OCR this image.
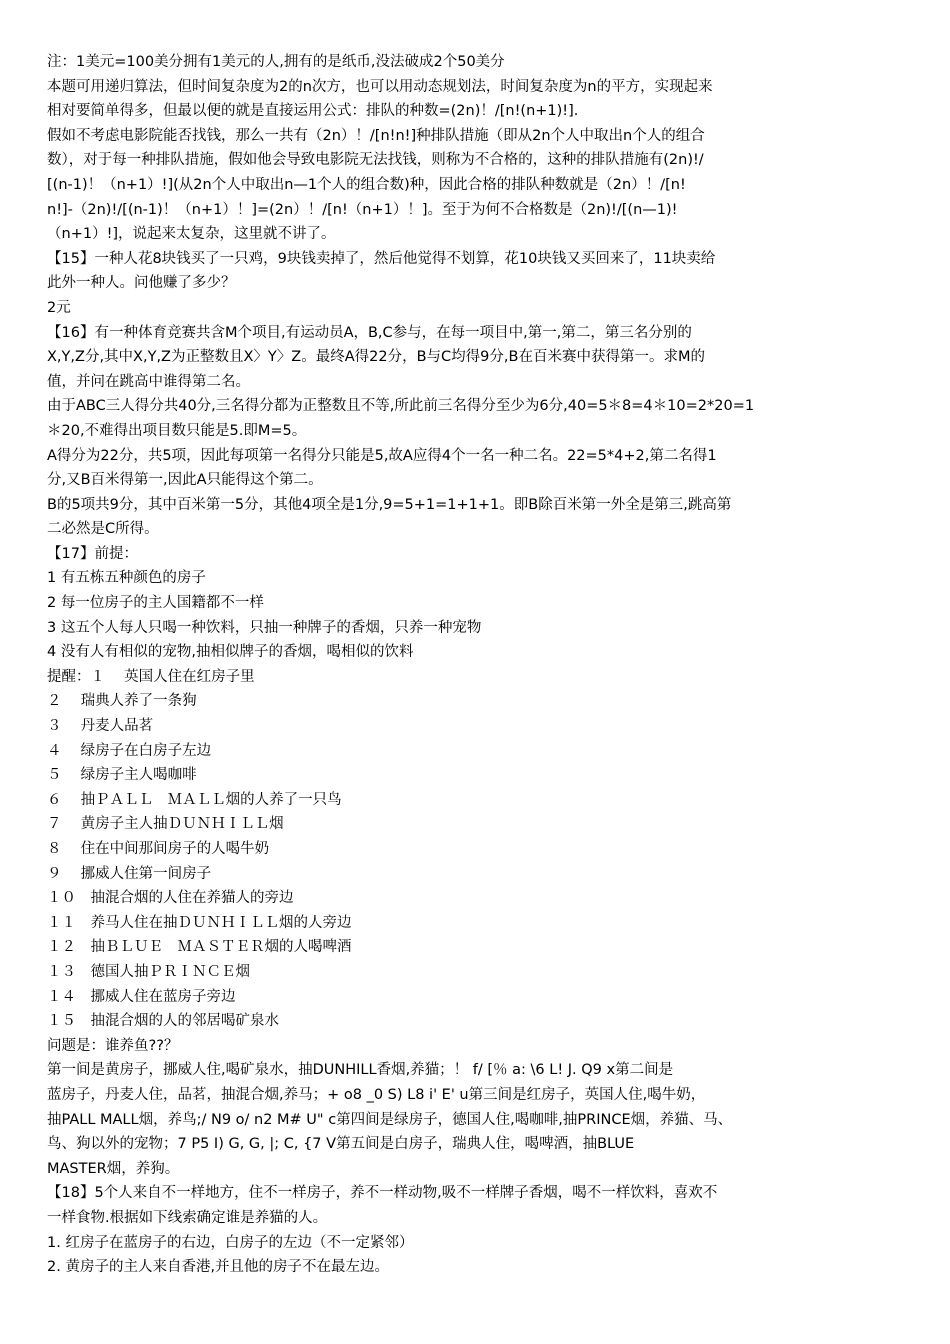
注：1美元=100美分拥有1美元的人,拥有的是纸币,没法破成2个50美分
本题可用递归算法，但时间复杂度为2的n次方，也可以用动态规划法，时间复杂度为n的平方，实现起来
相对要简单得多，但最以便的就是直接运用公式：排队的种数=(2n)！/[n!(n+1)!].
假如不考虑电影院能否找钱，那么一共有（2n）！/[n!n!]种排队措施（即从2n个人中取出n个人的组合
数），对于每一种排队措施，假如他会导致电影院无法找钱，则称为不合格的，这种的排队措施有(2n)!/
[(n-1)！（n+1）!](从2n个人中取出n—1个人的组合数)种，因此合格的排队种数就是（2n）！/[n!
n!]-（2n)!/[(n-1)！（n+1）！]=(2n）！/[n!（n+1）！]。至于为何不合格数是（2n)!/[(n—1)!
（n+1）!]，说起来太复杂，这里就不讲了。
【15】一种人花8块钱买了一只鸡，9块钱卖掉了，然后他觉得不划算，花10块钱又买回来了，11块卖给
此外一种人。问他赚了多少？
2元
【16】有一种体育竞赛共含M个项目,有运动员A，B,C参与，在每一项目中,第一,第二，第三名分别的
X,Y,Z分,其中X,Y,Z为正整数且X〉Y〉Z。最终A得22分，B与C均得9分,B在百米赛中获得第一。求M的
值，并问在跳高中谁得第二名。
由于ABC三人得分共40分,三名得分都为正整数且不等,所此前三名得分至少为6分,40=5＊8=4＊10=2*20=1
＊20,不难得出项目数只能是5.即M=5。
A得分为22分，共5项，因此每项第一名得分只能是5,故A应得4个一名一种二名。22=5*4+2,第二名得1
分,又B百米得第一,因此A只能得这个第二。
B的5项共9分，其中百米第一5分，其他4项全是1分,9=5+1=1+1+1。即B除百米第一外全是第三,跳高第
二必然是C所得。
【17】前提：
1 有五栋五种颜色的房子
2 每一位房子的主人国籍都不一样
3 这五个人每人只喝一种饮料，只抽一种牌子的香烟，只养一种宠物
4 没有人有相似的宠物,抽相似牌子的香烟，喝相似的饮料
提醒：１　 英国人住在红房子里
２　 瑞典人养了一条狗
３　 丹麦人品茗
４　 绿房子在白房子左边
５　 绿房子主人喝咖啡
６　 抽ＰＡＬＬ　ＭＡＬＬ烟的人养了一只鸟
７　 黄房子主人抽ＤＵＮＨＩＬＬ烟
８　 住在中间那间房子的人喝牛奶
９　 挪威人住第一间房子
１０　抽混合烟的人住在养猫人的旁边
１１　养马人住在抽ＤＵＮＨＩＬＬ烟的人旁边
１２　抽ＢＬＵＥ　ＭＡＳＴＥＲ烟的人喝啤酒
１３　德国人抽ＰＲＩＮＣＥ烟
１４　挪威人住在蓝房子旁边
１５　抽混合烟的人的邻居喝矿泉水
问题是：谁养鱼??？
第一间是黄房子，挪威人住,喝矿泉水，抽DUNHILL香烟,养猫；！ f/ [％ a: \6 L! J. Q9 x第二间是
蓝房子，丹麦人住，品茗，抽混合烟,养马；+ o8 _0 S) L8 i' E' u第三间是红房子，英国人住,喝牛奶，
抽PALL MALL烟，养鸟;/ N9 o/ n2 M# U" c第四间是绿房子，德国人住,喝咖啡,抽PRINCE烟，养猫、马、
鸟、狗以外的宠物；7 P5 I) G, G, |; C, {7 V第五间是白房子，瑞典人住，喝啤酒，抽BLUE
MASTER烟，养狗。
【18】5个人来自不一样地方，住不一样房子，养不一样动物,吸不一样牌子香烟，喝不一样饮料，喜欢不
一样食物.根据如下线索确定谁是养猫的人。
1. 红房子在蓝房子的右边，白房子的左边（不一定紧邻）
2. 黄房子的主人来自香港,并且他的房子不在最左边。
